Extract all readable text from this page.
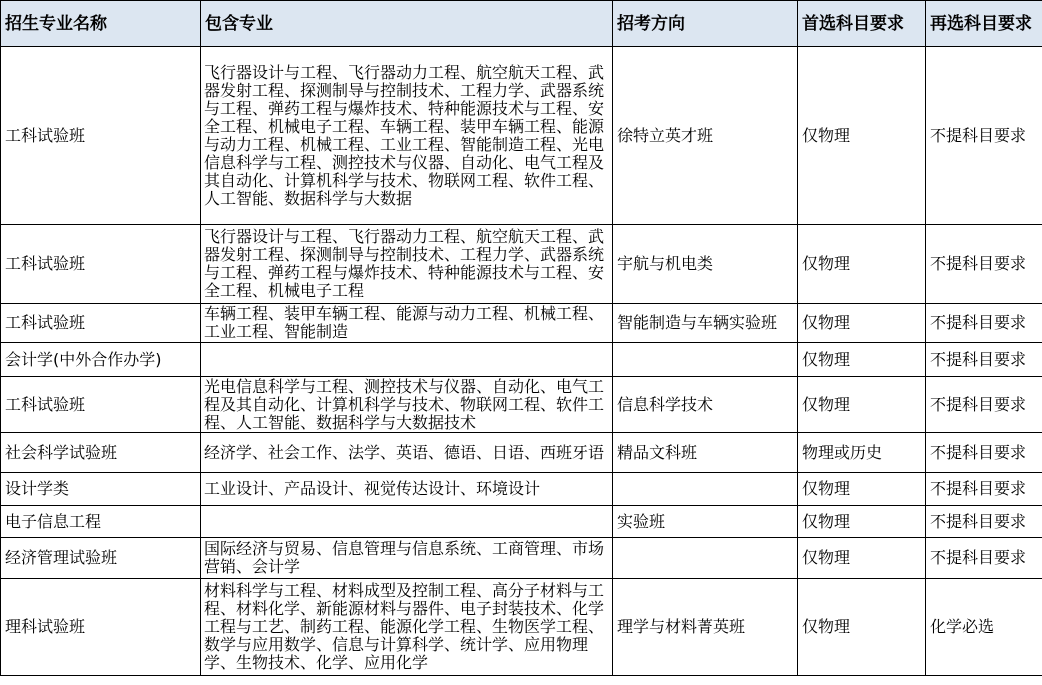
招生专业名称	包含专业	招考方向	首选科目要求	再选科目要求
工科试验班	飞行器设计与工程、飞行器动力工程、航空航天工程、武器发射工程、探测制导与控制技术、工程力学、武器系统与工程、弹药工程与爆炸技术、特种能源技术与工程、安全工程、机械电子工程、车辆工程、装甲车辆工程、能源与动力工程、机械工程、工业工程、智能制造工程、光电信息科学与工程、测控技术与仪器、自动化、电气工程及其自动化、计算机科学与技术、物联网工程、软件工程、人工智能、数据科学与大数据	徐特立英才班	仅物理	不提科目要求
工科试验班	飞行器设计与工程、飞行器动力工程、航空航天工程、武器发射工程、探测制导与控制技术、工程力学、武器系统与工程、弹药工程与爆炸技术、特种能源技术与工程、安全工程、机械电子工程	宇航与机电类	仅物理	不提科目要求
工科试验班	车辆工程、装甲车辆工程、能源与动力工程、机械工程、工业工程、智能制造	智能制造与车辆实验班	仅物理	不提科目要求
会计学(中外合作办学)			仅物理	不提科目要求
工科试验班	光电信息科学与工程、测控技术与仪器、自动化、电气工程及其自动化、计算机科学与技术、物联网工程、软件工程、人工智能、数据科学与大数据技术	信息科学技术	仅物理	不提科目要求
社会科学试验班	经济学、社会工作、法学、英语、德语、日语、西班牙语	精品文科班	物理或历史	不提科目要求
设计学类	工业设计、产品设计、视觉传达设计、环境设计		仅物理	不提科目要求
电子信息工程		实验班	仅物理	不提科目要求
经济管理试验班	国际经济与贸易、信息管理与信息系统、工商管理、市场营销、会计学		仅物理	不提科目要求
理科试验班	材料科学与工程、材料成型及控制工程、高分子材料与工程、材料化学、新能源材料与器件、电子封装技术、化学工程与工艺、制药工程、能源化学工程、生物医学工程、数学与应用数学、信息与计算科学、统计学、应用物理学、生物技术、化学、应用化学	理学与材料菁英班	仅物理	化学必选
